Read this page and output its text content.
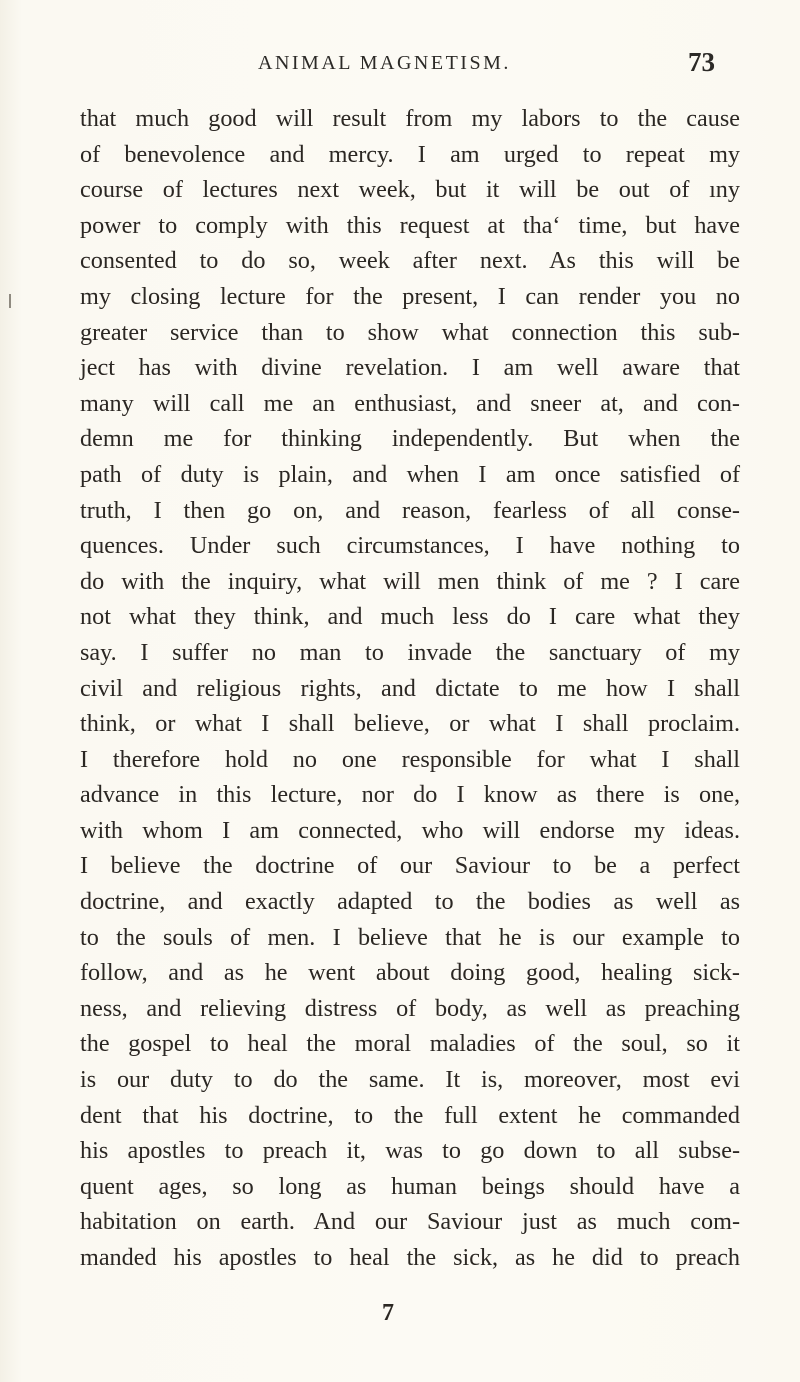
ANIMAL MAGNETISM.	73
that much good will result from my labors to the cause
of benevolence and mercy. I am urged to repeat my
course of lectures next week, but it will be out of ıny
power to comply with this request at tha‘ time, but have
consented to do so, week after next. As this will be
my closing lecture for the present, I can render you no
greater service than to show what connection this sub-
ject has with divine revelation. I am well aware that
many will call me an enthusiast, and sneer at, and con-
demn me for thinking independently. But when the
path of duty is plain, and when I am once satisfied of
truth, I then go on, and reason, fearless of all conse-
quences. Under such circumstances, I have nothing to
do with the inquiry, what will men think of me ? I care
not what they think, and much less do I care what they
say. I suffer no man to invade the sanctuary of my
civil and religious rights, and dictate to me how I shall
think, or what I shall believe, or what I shall proclaim.
I therefore hold no one responsible for what I shall
advance in this lecture, nor do I know as there is one,
with whom I am connected, who will endorse my ideas.
I believe the doctrine of our Saviour to be a perfect
doctrine, and exactly adapted to the bodies as well as
to the souls of men. I believe that he is our example to
follow, and as he went about doing good, healing sick-
ness, and relieving distress of body, as well as preaching
the gospel to heal the moral maladies of the soul, so it
is our duty to do the same. It is, moreover, most evi
dent that his doctrine, to the full extent he commanded
his apostles to preach it, was to go down to all subse-
quent ages, so long as human beings should have a
habitation on earth. And our Saviour just as much com-
manded his apostles to heal the sick, as he did to preach
7
